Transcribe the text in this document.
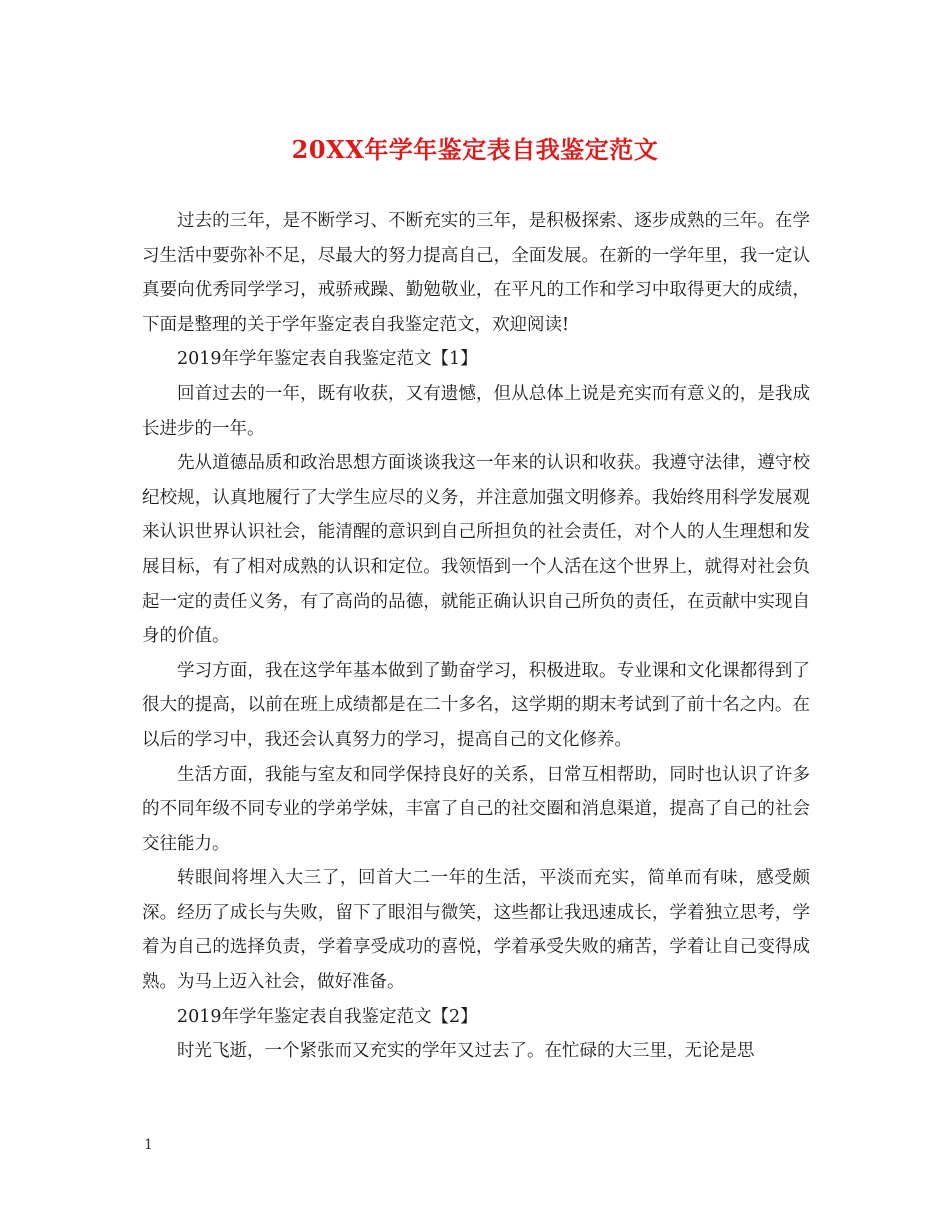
20XX年学年鉴定表自我鉴定范文

过去的三年，是不断学习、不断充实的三年，是积极探索、逐步成熟的三年。在学习生活中要弥补不足，尽最大的努力提高自己，全面发展。在新的一学年里，我一定认真要向优秀同学学习，戒骄戒躁、勤勉敬业，在平凡的工作和学习中取得更大的成绩，下面是整理的关于学年鉴定表自我鉴定范文，欢迎阅读!

2019年学年鉴定表自我鉴定范文【1】

回首过去的一年，既有收获，又有遗憾，但从总体上说是充实而有意义的，是我成长进步的一年。

先从道德品质和政治思想方面谈谈我这一年来的认识和收获。我遵守法律，遵守校纪校规，认真地履行了大学生应尽的义务，并注意加强文明修养。我始终用科学发展观来认识世界认识社会，能清醒的意识到自己所担负的社会责任，对个人的人生理想和发展目标，有了相对成熟的认识和定位。我领悟到一个人活在这个世界上，就得对社会负起一定的责任义务，有了高尚的品德，就能正确认识自己所负的责任，在贡献中实现自身的价值。

学习方面，我在这学年基本做到了勤奋学习，积极进取。专业课和文化课都得到了很大的提高，以前在班上成绩都是在二十多名，这学期的期末考试到了前十名之内。在以后的学习中，我还会认真努力的学习，提高自己的文化修养。

生活方面，我能与室友和同学保持良好的关系，日常互相帮助，同时也认识了许多的不同年级不同专业的学弟学妹，丰富了自己的社交圈和消息渠道，提高了自己的社会交往能力。

转眼间将埋入大三了，回首大二一年的生活，平淡而充实，简单而有味，感受颇深。经历了成长与失败，留下了眼泪与微笑，这些都让我迅速成长，学着独立思考，学着为自己的选择负责，学着享受成功的喜悦，学着承受失败的痛苦，学着让自己变得成熟。为马上迈入社会，做好准备。

2019年学年鉴定表自我鉴定范文【2】

时光飞逝，一个紧张而又充实的学年又过去了。在忙碌的大三里，无论是思

1
